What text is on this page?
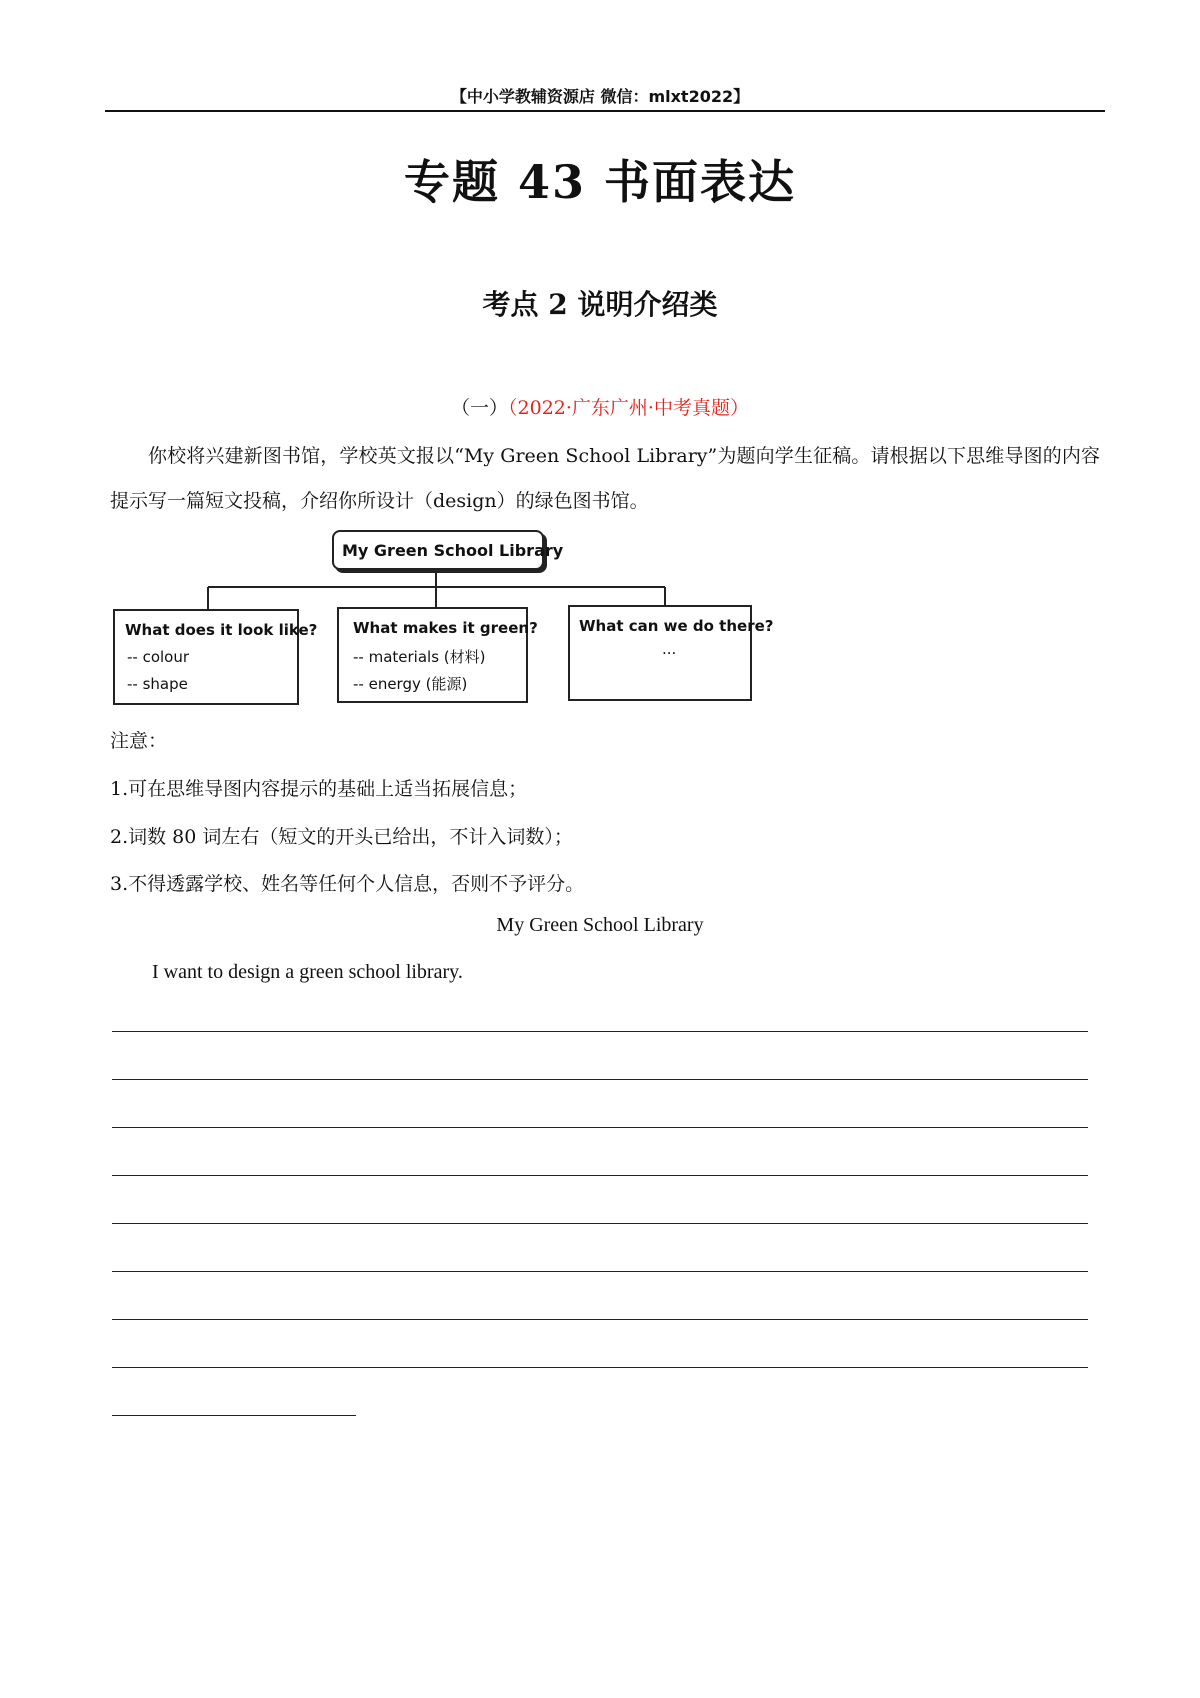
【中小学教辅资源店 微信：mlxt2022】
专题 43 书面表达
考点 2 说明介绍类
（一）（2022·广东广州·中考真题）
你校将兴建新图书馆，学校英文报以“My Green School Library”为题向学生征稿。请根据以下思维导图的内容提示写一篇短文投稿，介绍你所设计（design）的绿色图书馆。
My Green School Library
What does it look like?
-- colour
-- shape
What makes it green?
-- materials (材料)
-- energy (能源)
What can we do there?
...
注意：
1.可在思维导图内容提示的基础上适当拓展信息；
2.词数 80 词左右（短文的开头已给出，不计入词数）；
3.不得透露学校、姓名等任何个人信息，否则不予评分。
My Green School Library
I want to design a green school library.
